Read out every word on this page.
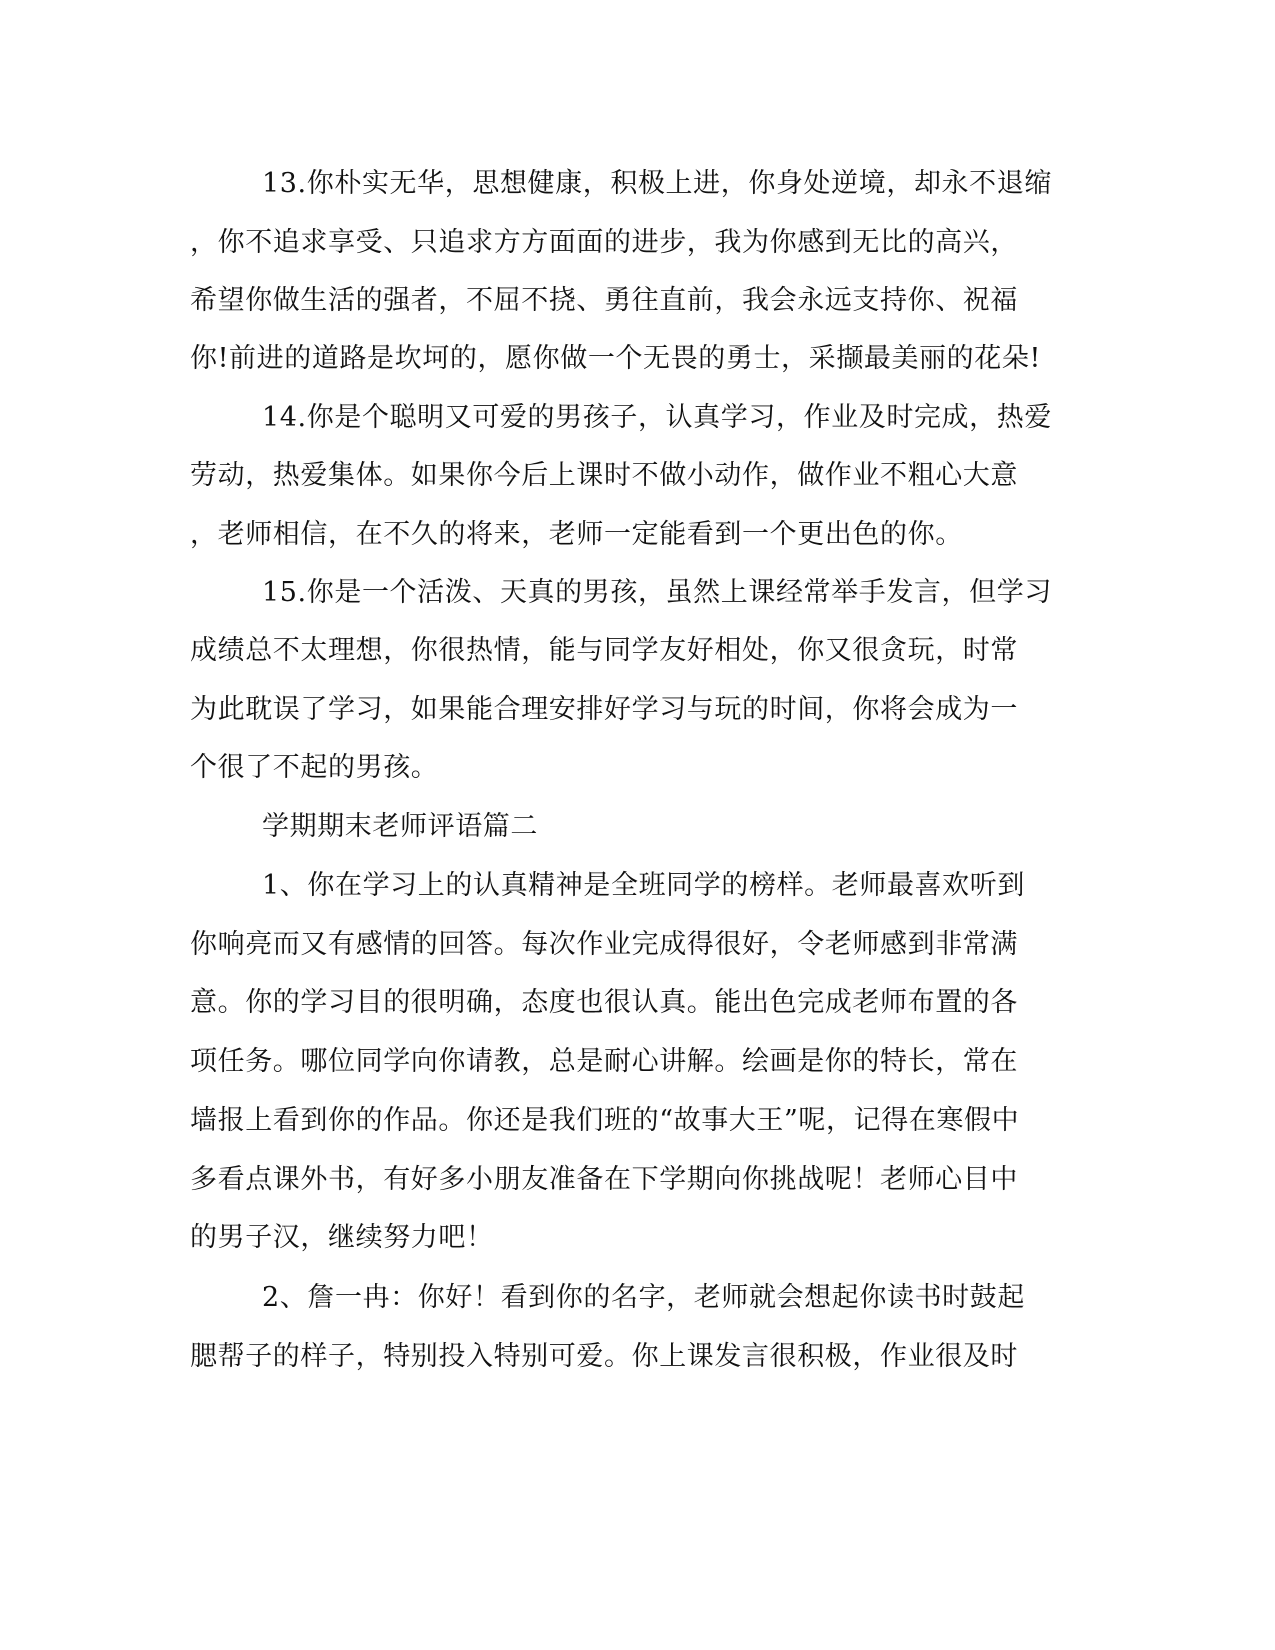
13.你朴实无华，思想健康，积极上进，你身处逆境，却永不退缩
，你不追求享受、只追求方方面面的进步，我为你感到无比的高兴，
希望你做生活的强者，不屈不挠、勇往直前，我会永远支持你、祝福
你!前进的道路是坎坷的，愿你做一个无畏的勇士，采撷最美丽的花朵!
14.你是个聪明又可爱的男孩子，认真学习，作业及时完成，热爱
劳动，热爱集体。如果你今后上课时不做小动作，做作业不粗心大意
，老师相信，在不久的将来，老师一定能看到一个更出色的你。
15.你是一个活泼、天真的男孩，虽然上课经常举手发言，但学习
成绩总不太理想，你很热情，能与同学友好相处，你又很贪玩，时常
为此耽误了学习，如果能合理安排好学习与玩的时间，你将会成为一
个很了不起的男孩。
学期期末老师评语篇二
1、你在学习上的认真精神是全班同学的榜样。老师最喜欢听到
你响亮而又有感情的回答。每次作业完成得很好，令老师感到非常满
意。你的学习目的很明确，态度也很认真。能出色完成老师布置的各
项任务。哪位同学向你请教，总是耐心讲解。绘画是你的特长，常在
墙报上看到你的作品。你还是我们班的“故事大王”呢，记得在寒假中
多看点课外书，有好多小朋友准备在下学期向你挑战呢！老师心目中
的男子汉，继续努力吧！
2、詹一冉：你好！看到你的名字，老师就会想起你读书时鼓起
腮帮子的样子，特别投入特别可爱。你上课发言很积极，作业很及时
